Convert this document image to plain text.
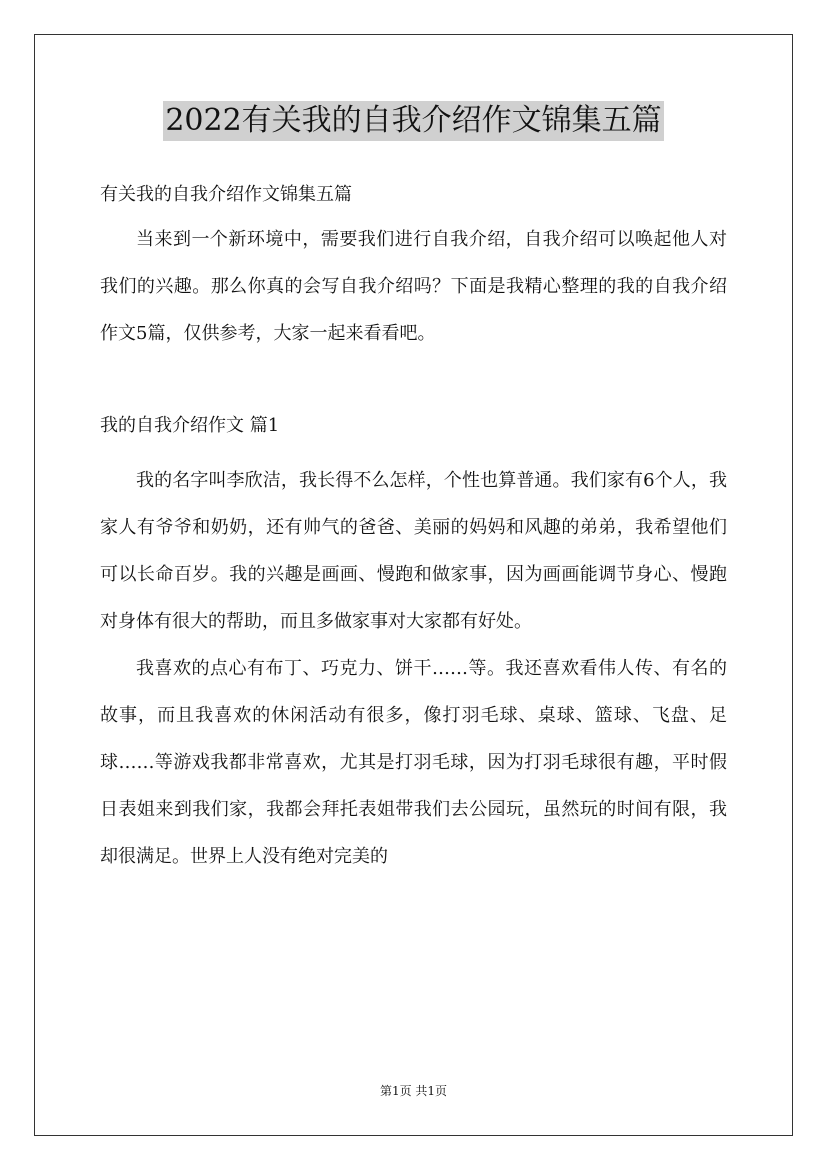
2022有关我的自我介绍作文锦集五篇

有关我的自我介绍作文锦集五篇

当来到一个新环境中，需要我们进行自我介绍，自我介绍可以唤起他人对我们的兴趣。那么你真的会写自我介绍吗？下面是我精心整理的我的自我介绍作文5篇，仅供参考，大家一起来看看吧。

我的自我介绍作文 篇1

我的名字叫李欣洁，我长得不么怎样，个性也算普通。我们家有6个人，我家人有爷爷和奶奶，还有帅气的爸爸、美丽的妈妈和风趣的弟弟，我希望他们可以长命百岁。我的兴趣是画画、慢跑和做家事，因为画画能调节身心、慢跑对身体有很大的帮助，而且多做家事对大家都有好处。

我喜欢的点心有布丁、巧克力、饼干……等。我还喜欢看伟人传、有名的故事，而且我喜欢的休闲活动有很多，像打羽毛球、桌球、篮球、飞盘、足球……等游戏我都非常喜欢，尤其是打羽毛球，因为打羽毛球很有趣，平时假日表姐来到我们家，我都会拜托表姐带我们去公园玩，虽然玩的时间有限，我却很满足。世界上人没有绝对完美的

第1页 共1页
